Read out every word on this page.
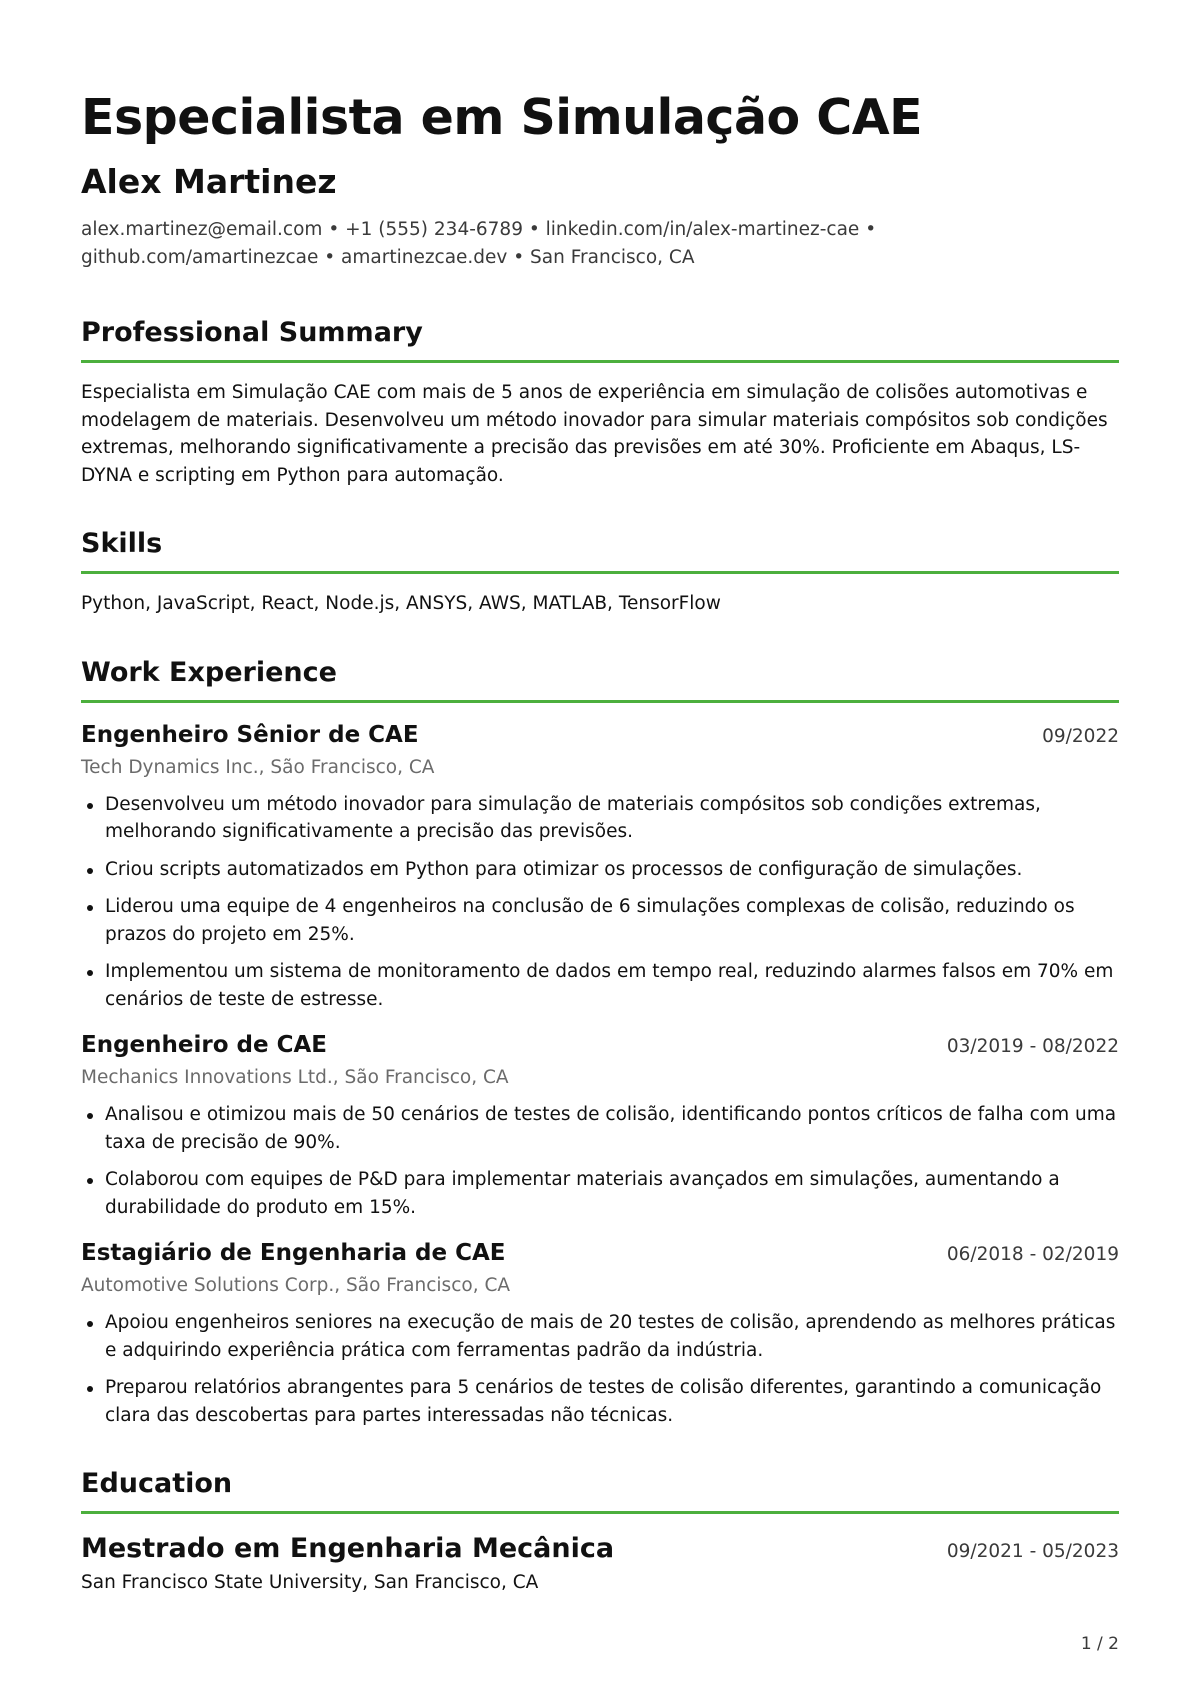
Especialista em Simulação CAE
Alex Martinez
alex.martinez@email.com • +1 (555) 234-6789 • linkedin.com/in/alex-martinez-cae • github.com/amartinezcae • amartinezcae.dev • San Francisco, CA
Professional Summary
Especialista em Simulação CAE com mais de 5 anos de experiência em simulação de colisões automotivas e modelagem de materiais. Desenvolveu um método inovador para simular materiais compósitos sob condições extremas, melhorando significativamente a precisão das previsões em até 30%. Proficiente em Abaqus, LS-DYNA e scripting em Python para automação.
Skills
Python, JavaScript, React, Node.js, ANSYS, AWS, MATLAB, TensorFlow
Work Experience
Engenheiro Sênior de CAE	09/2022
Tech Dynamics Inc., São Francisco, CA
Desenvolveu um método inovador para simulação de materiais compósitos sob condições extremas, melhorando significativamente a precisão das previsões.
Criou scripts automatizados em Python para otimizar os processos de configuração de simulações.
Liderou uma equipe de 4 engenheiros na conclusão de 6 simulações complexas de colisão, reduzindo os prazos do projeto em 25%.
Implementou um sistema de monitoramento de dados em tempo real, reduzindo alarmes falsos em 70% em cenários de teste de estresse.
Engenheiro de CAE	03/2019 - 08/2022
Mechanics Innovations Ltd., São Francisco, CA
Analisou e otimizou mais de 50 cenários de testes de colisão, identificando pontos críticos de falha com uma taxa de precisão de 90%.
Colaborou com equipes de P&D para implementar materiais avançados em simulações, aumentando a durabilidade do produto em 15%.
Estagiário de Engenharia de CAE	06/2018 - 02/2019
Automotive Solutions Corp., São Francisco, CA
Apoiou engenheiros seniores na execução de mais de 20 testes de colisão, aprendendo as melhores práticas e adquirindo experiência prática com ferramentas padrão da indústria.
Preparou relatórios abrangentes para 5 cenários de testes de colisão diferentes, garantindo a comunicação clara das descobertas para partes interessadas não técnicas.
Education
Mestrado em Engenharia Mecânica	09/2021 - 05/2023
San Francisco State University, San Francisco, CA
1 / 2
